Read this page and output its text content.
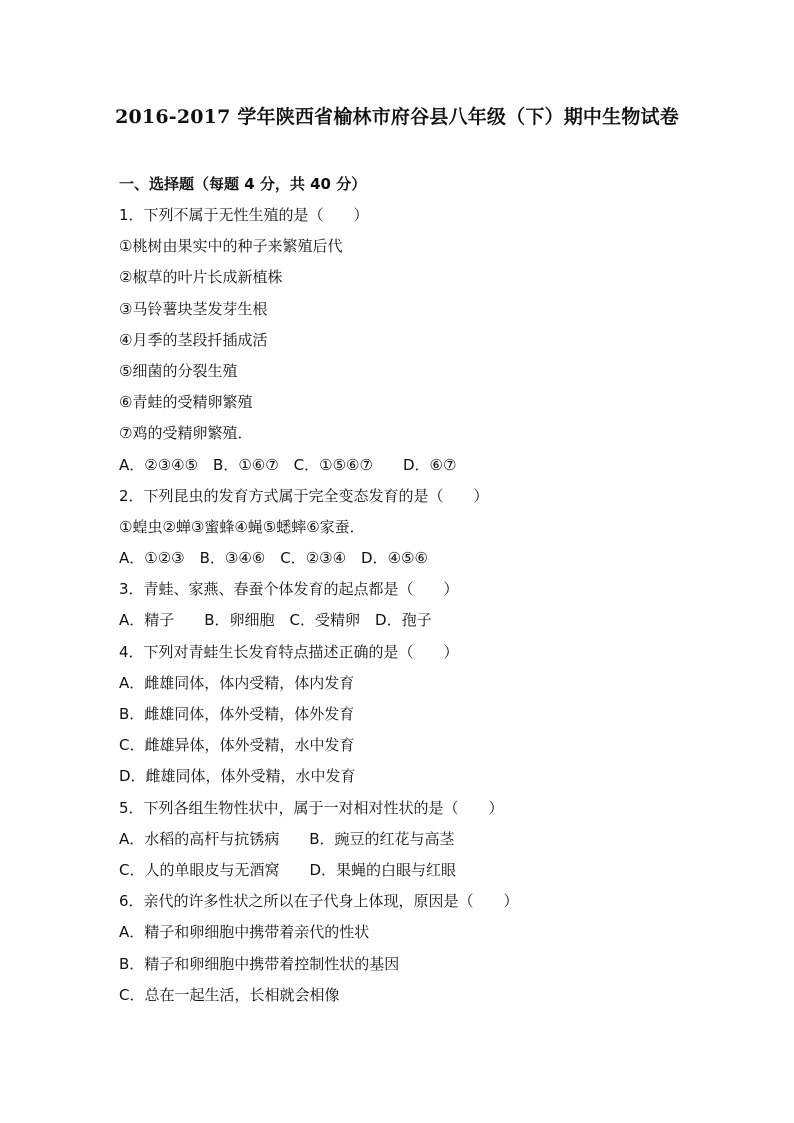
2016-2017 学年陕西省榆林市府谷县八年级（下）期中生物试卷
一、选择题（每题 4 分，共 40 分）
1．下列不属于无性生殖的是（　　）
①桃树由果实中的种子来繁殖后代
②椒草的叶片长成新植株
③马铃薯块茎发芽生根
④月季的茎段扦插成活
⑤细菌的分裂生殖
⑥青蛙的受精卵繁殖
⑦鸡的受精卵繁殖．
A．②③④⑤　B．①⑥⑦　C．①⑤⑥⑦　　D．⑥⑦
2．下列昆虫的发育方式属于完全变态发育的是（　　）
①蝗虫②蝉③蜜蜂④蝇⑤蟋蟀⑥家蚕．
A．①②③　B．③④⑥　C．②③④　D．④⑤⑥
3．青蛙、家燕、春蚕个体发育的起点都是（　　）
A．精子　　B．卵细胞　C．受精卵　D．孢子
4．下列对青蛙生长发育特点描述正确的是（　　）
A．雌雄同体，体内受精，体内发育
B．雌雄同体，体外受精，体外发育
C．雌雄异体，体外受精，水中发育
D．雌雄同体，体外受精，水中发育
5．下列各组生物性状中，属于一对相对性状的是（　　）
A．水稻的高杆与抗锈病　　B．豌豆的红花与高茎
C．人的单眼皮与无酒窝　　D．果蝇的白眼与红眼
6．亲代的许多性状之所以在子代身上体现，原因是（　　）
A．精子和卵细胞中携带着亲代的性状
B．精子和卵细胞中携带着控制性状的基因
C．总在一起生活，长相就会相像
